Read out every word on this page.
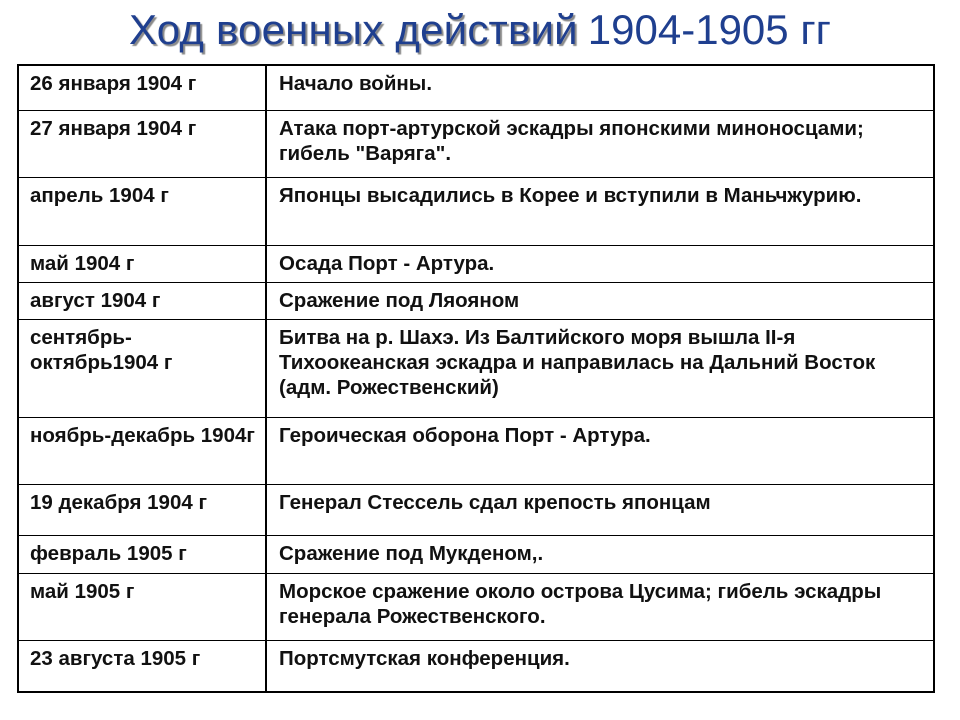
Ход военных действий 1904-1905 гг
26 января 1904 г	Начало войны.
27 января 1904 г	Атака порт-артурской эскадры японскими миноносцами; гибель "Варяга".
апрель 1904 г	Японцы высадились в Корее и вступили в Маньчжурию.
май 1904 г	Осада Порт - Артура.
август 1904 г	Сражение под Ляояном
сентябрь-октябрь1904 г	Битва на р. Шахэ. Из Балтийского моря вышла II-я Тихоокеанская эскадра и направилась на Дальний Восток (адм. Рожественский)
ноябрь-декабрь 1904г	Героическая оборона Порт - Артура.
19 декабря 1904 г	Генерал Стессель сдал крепость японцам
февраль 1905 г	Сражение под Мукденом,.
май 1905 г	Морское сражение около острова Цусима; гибель эскадры генерала Рожественского.
23 августа 1905 г	Портсмутская конференция.
